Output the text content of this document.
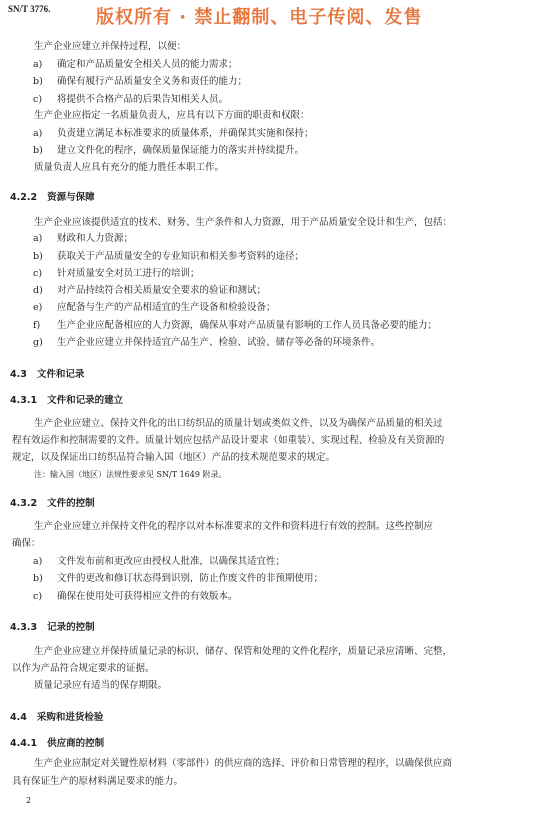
SN/T 3776.	版权所有 · 禁止翻制、电子传阅、发售
生产企业应建立并保持过程，以便：
a) 确定和产品质量安全相关人员的能力需求；
b) 确保有履行产品质量安全义务和责任的能力；
c) 将提供不合格产品的后果告知相关人员。
生产企业应指定一名质量负责人，应具有以下方面的职责和权限：
a) 负责建立满足本标准要求的质量体系，并确保其实施和保持；
b) 建立文件化的程序，确保质量保证能力的落实并持续提升。
质量负责人应具有充分的能力胜任本职工作。
4.2.2 资源与保障
生产企业应该提供适宜的技术、财务、生产条件和人力资源，用于产品质量安全设计和生产，包括：
a) 财政和人力资源；
b) 获取关于产品质量安全的专业知识和相关参考资料的途径；
c) 针对质量安全对员工进行的培训；
d) 对产品持续符合相关质量安全要求的验证和测试；
e) 应配备与生产的产品相适宜的生产设备和检验设备；
f) 生产企业应配备相应的人力资源，确保从事对产品质量有影响的工作人员具备必要的能力；
g) 生产企业应建立并保持适宜产品生产、检验、试验、储存等必备的环境条件。
4.3 文件和记录
4.3.1 文件和记录的建立
生产企业应建立、保持文件化的出口纺织品的质量计划或类似文件，以及为确保产品质量的相关过
程有效运作和控制需要的文件。质量计划应包括产品设计要求（如重装）、实现过程、检验及有关资源的
规定，以及保证出口纺织品符合输入国（地区）产品的技术规范要求的规定。
注：输入国（地区）法规性要求见 SN/T 1649 附录。
4.3.2 文件的控制
生产企业应建立并保持文件化的程序以对本标准要求的文件和资料进行有效的控制。这些控制应
确保：
a) 文件发布前和更改应由授权人批准，以确保其适宜性；
b) 文件的更改和修订状态得到识别，防止作废文件的非预期使用；
c) 确保在使用处可获得相应文件的有效版本。
4.3.3 记录的控制
生产企业应建立并保持质量记录的标识、储存、保管和处理的文件化程序，质量记录应清晰、完整，
以作为产品符合规定要求的证据。
质量记录应有适当的保存期限。
4.4 采购和进货检验
4.4.1 供应商的控制
生产企业应制定对关键性原材料（零部件）的供应商的选择、评价和日常管理的程序，以确保供应商
具有保证生产的原材料满足要求的能力。
2
